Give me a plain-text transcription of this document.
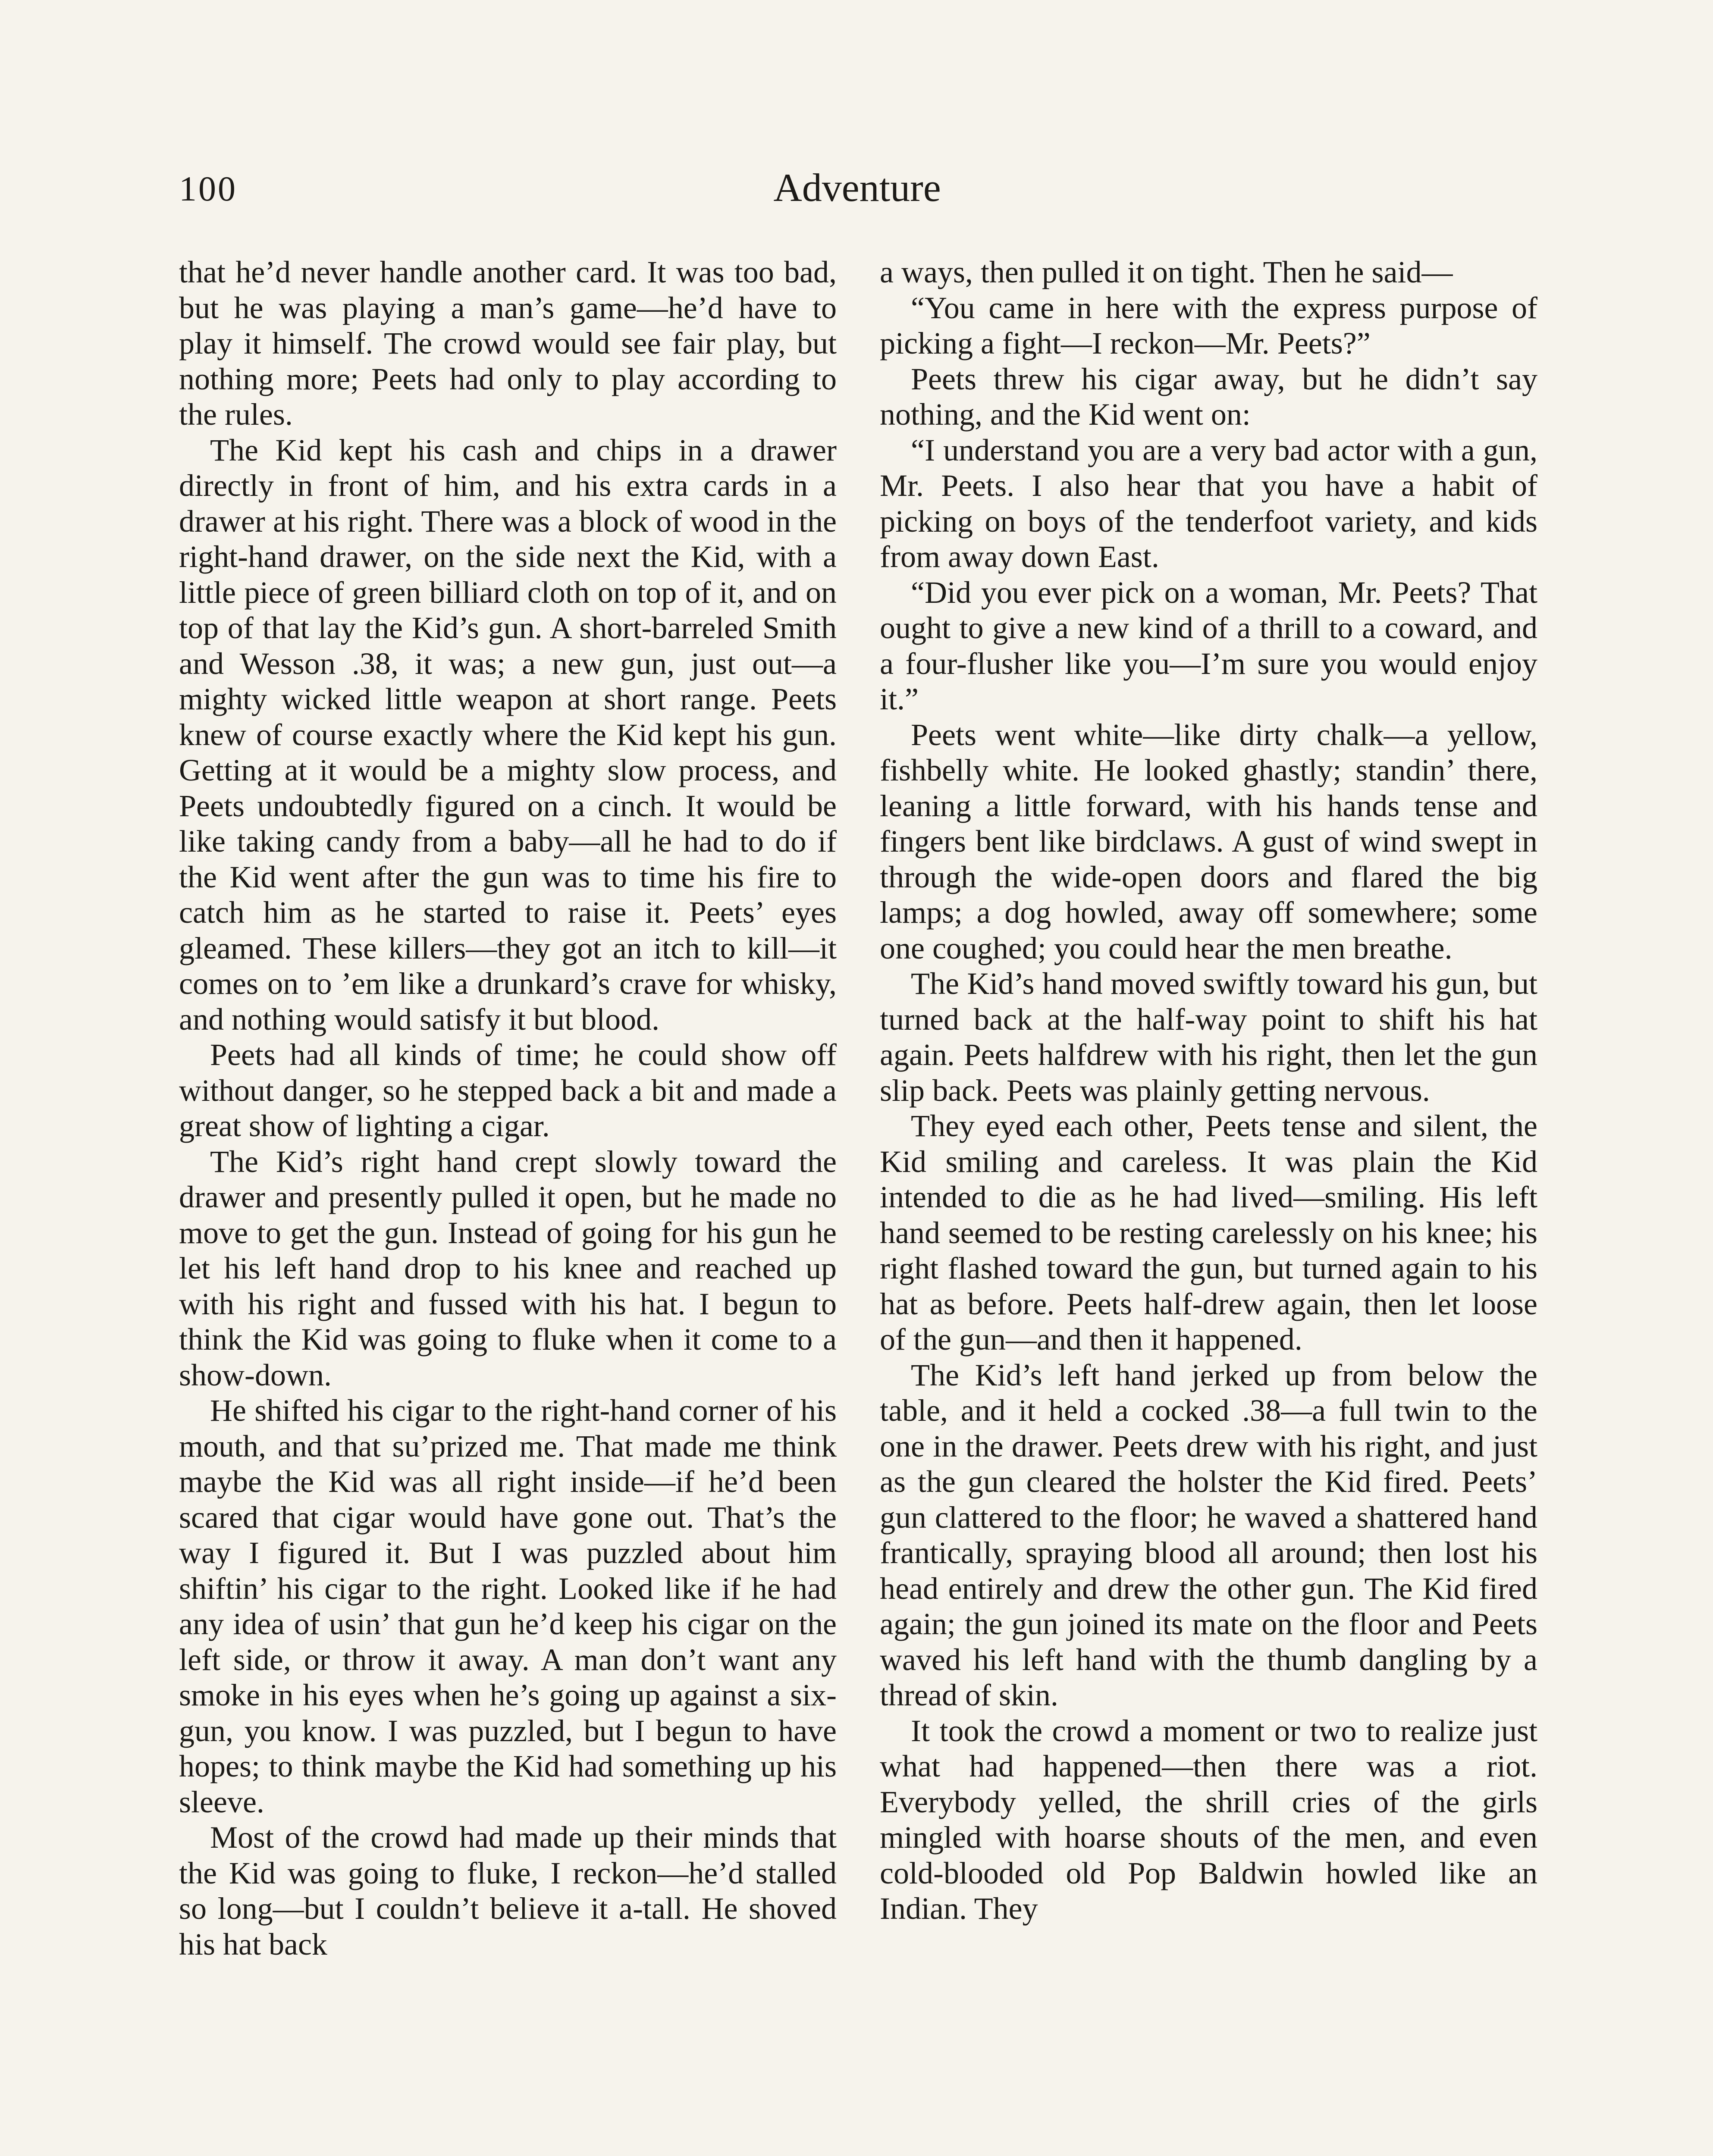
100	Adventure

that he’d never handle another card. It was too bad, but he was playing a man’s game—he’d have to play it himself. The crowd would see fair play, but nothing more; Peets had only to play according to the rules.

The Kid kept his cash and chips in a drawer directly in front of him, and his extra cards in a drawer at his right. There was a block of wood in the right-hand drawer, on the side next the Kid, with a little piece of green billiard cloth on top of it, and on top of that lay the Kid’s gun. A short-barreled Smith and Wesson .38, it was; a new gun, just out—a mighty wicked little weapon at short range. Peets knew of course exactly where the Kid kept his gun. Getting at it would be a mighty slow process, and Peets undoubtedly figured on a cinch. It would be like taking candy from a baby—all he had to do if the Kid went after the gun was to time his fire to catch him as he started to raise it. Peets’ eyes gleamed. These killers—they got an itch to kill—it comes on to ’em like a drunkard’s crave for whisky, and nothing would satisfy it but blood.

Peets had all kinds of time; he could show off without danger, so he stepped back a bit and made a great show of lighting a cigar.

The Kid’s right hand crept slowly toward the drawer and presently pulled it open, but he made no move to get the gun. Instead of going for his gun he let his left hand drop to his knee and reached up with his right and fussed with his hat. I begun to think the Kid was going to fluke when it come to a show-down.

He shifted his cigar to the right-hand corner of his mouth, and that su’prized me. That made me think maybe the Kid was all right inside—if he’d been scared that cigar would have gone out. That’s the way I figured it. But I was puzzled about him shiftin’ his cigar to the right. Looked like if he had any idea of usin’ that gun he’d keep his cigar on the left side, or throw it away. A man don’t want any smoke in his eyes when he’s going up against a six-gun, you know. I was puzzled, but I begun to have hopes; to think maybe the Kid had something up his sleeve.

Most of the crowd had made up their minds that the Kid was going to fluke, I reckon—he’d stalled so long—but I couldn’t believe it a-tall. He shoved his hat back

a ways, then pulled it on tight. Then he said—

“You came in here with the express purpose of picking a fight—I reckon—Mr. Peets?”

Peets threw his cigar away, but he didn’t say nothing, and the Kid went on:

“I understand you are a very bad actor with a gun, Mr. Peets. I also hear that you have a habit of picking on boys of the tenderfoot variety, and kids from away down East.

“Did you ever pick on a woman, Mr. Peets? That ought to give a new kind of a thrill to a coward, and a four-flusher like you—I’m sure you would enjoy it.”

Peets went white—like dirty chalk—a yellow, fishbelly white. He looked ghastly; standin’ there, leaning a little forward, with his hands tense and fingers bent like birdclaws. A gust of wind swept in through the wide-open doors and flared the big lamps; a dog howled, away off somewhere; some one coughed; you could hear the men breathe.

The Kid’s hand moved swiftly toward his gun, but turned back at the half-way point to shift his hat again. Peets halfdrew with his right, then let the gun slip back. Peets was plainly getting nervous.

They eyed each other, Peets tense and silent, the Kid smiling and careless. It was plain the Kid intended to die as he had lived—smiling. His left hand seemed to be resting carelessly on his knee; his right flashed toward the gun, but turned again to his hat as before. Peets half-drew again, then let loose of the gun—and then it happened.

The Kid’s left hand jerked up from below the table, and it held a cocked .38—a full twin to the one in the drawer. Peets drew with his right, and just as the gun cleared the holster the Kid fired. Peets’ gun clattered to the floor; he waved a shattered hand frantically, spraying blood all around; then lost his head entirely and drew the other gun. The Kid fired again; the gun joined its mate on the floor and Peets waved his left hand with the thumb dangling by a thread of skin.

It took the crowd a moment or two to realize just what had happened—then there was a riot. Everybody yelled, the shrill cries of the girls mingled with hoarse shouts of the men, and even cold-blooded old Pop Baldwin howled like an Indian. They
